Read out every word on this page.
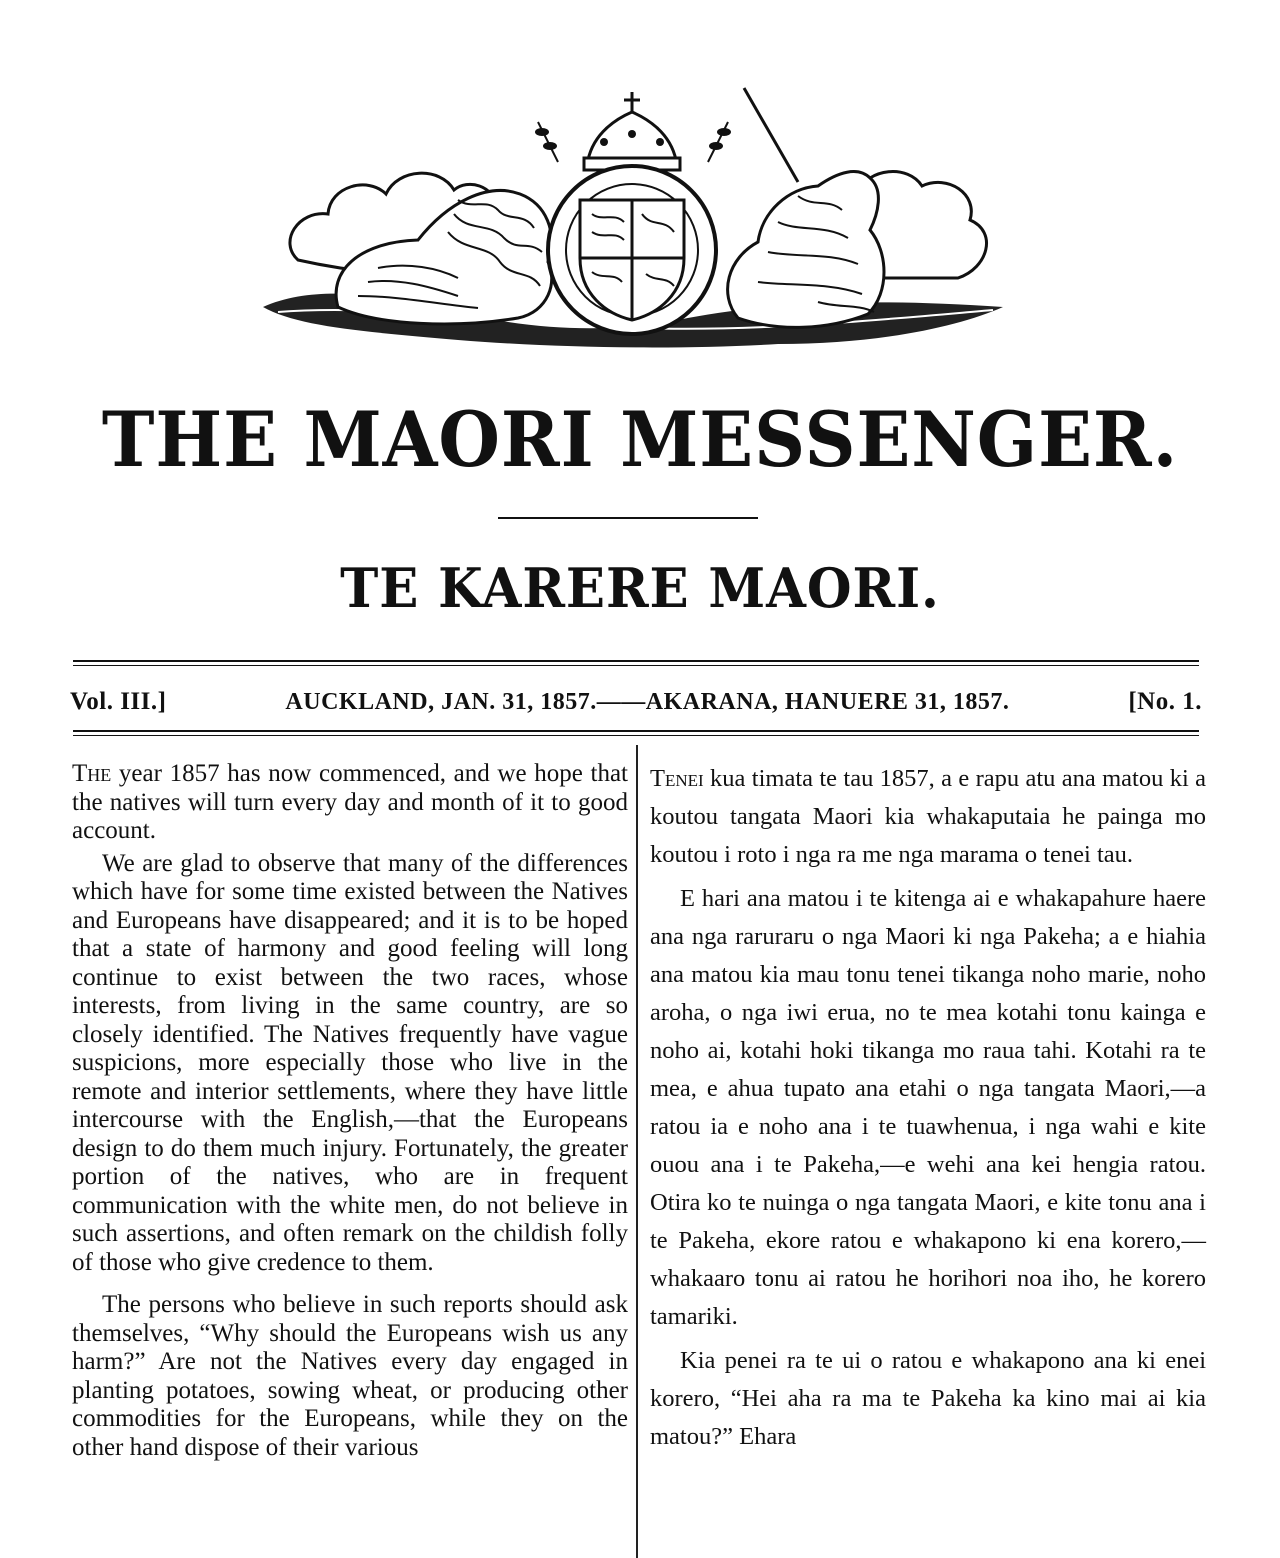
THE MAORI MESSENGER.
TE KARERE MAORI.
Vol. III.]	AUCKLAND, JAN. 31, 1857.——AKARANA, HANUERE 31, 1857.	[No. 1.

The year 1857 has now commenced, and we hope that the natives will turn every day and month of it to good account.

We are glad to observe that many of the differences which have for some time existed between the Natives and Europeans have disappeared; and it is to be hoped that a state of harmony and good feeling will long continue to exist between the two races, whose interests, from living in the same country, are so closely identified. The Natives frequently have vague suspicions, more especially those who live in the remote and interior settlements, where they have little intercourse with the English,—that the Europeans design to do them much injury. Fortunately, the greater portion of the natives, who are in frequent communication with the white men, do not believe in such assertions, and often remark on the childish folly of those who give credence to them.

The persons who believe in such reports should ask themselves, “Why should the Europeans wish us any harm?” Are not the Natives every day engaged in planting potatoes, sowing wheat, or producing other commodities for the Europeans, while they on the other hand dispose of their various

Tenei kua timata te tau 1857, a e rapu atu ana matou ki a koutou tangata Maori kia whakaputaia he painga mo koutou i roto i nga ra me nga marama o tenei tau.

E hari ana matou i te kitenga ai e whakapahure haere ana nga raruraru o nga Maori ki nga Pakeha; a e hiahia ana matou kia mau tonu tenei tikanga noho marie, noho aroha, o nga iwi erua, no te mea kotahi tonu kainga e noho ai, kotahi hoki tikanga mo raua tahi. Kotahi ra te mea, e ahua tupato ana etahi o nga tangata Maori,—a ratou ia e noho ana i te tuawhenua, i nga wahi e kite ouou ana i te Pakeha,—e wehi ana kei hengia ratou. Otira ko te nuinga o nga tangata Maori, e kite tonu ana i te Pakeha, ekore ratou e whakapono ki ena korero,—whakaaro tonu ai ratou he horihori noa iho, he korero tamariki.

Kia penei ra te ui o ratou e whakapono ana ki enei korero, “Hei aha ra ma te Pakeha ka kino mai ai kia matou?” Ehara
